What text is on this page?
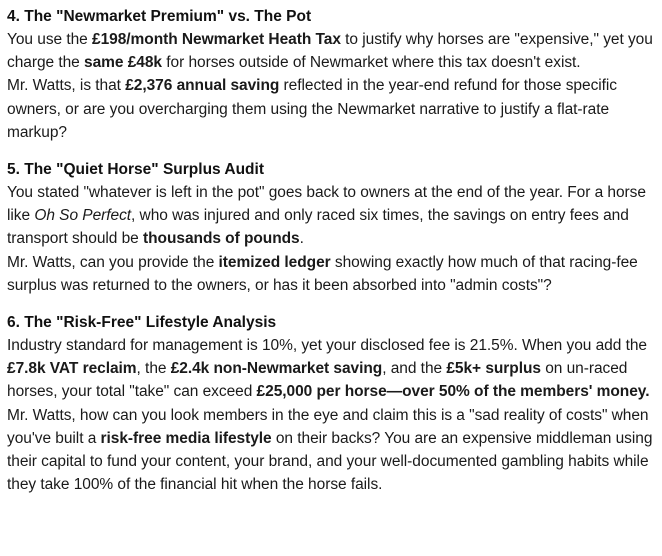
4. The "Newmarket Premium" vs. The Pot

You use the £198/month Newmarket Heath Tax to justify why horses are "expensive," yet you charge the same £48k for horses outside of Newmarket where this tax doesn't exist.

Mr. Watts, is that £2,376 annual saving reflected in the year-end refund for those specific owners, or are you overcharging them using the Newmarket narrative to justify a flat-rate markup?

5. The "Quiet Horse" Surplus Audit

You stated "whatever is left in the pot" goes back to owners at the end of the year. For a horse like Oh So Perfect, who was injured and only raced six times, the savings on entry fees and transport should be thousands of pounds.

Mr. Watts, can you provide the itemized ledger showing exactly how much of that racing-fee surplus was returned to the owners, or has it been absorbed into "admin costs"?

6. The "Risk-Free" Lifestyle Analysis

Industry standard for management is 10%, yet your disclosed fee is 21.5%. When you add the £7.8k VAT reclaim, the £2.4k non-Newmarket saving, and the £5k+ surplus on un-raced horses, your total "take" can exceed £25,000 per horse—over 50% of the members' money.

Mr. Watts, how can you look members in the eye and claim this is a "sad reality of costs" when you've built a risk-free media lifestyle on their backs? You are an expensive middleman using their capital to fund your content, your brand, and your well-documented gambling habits while they take 100% of the financial hit when the horse fails.
